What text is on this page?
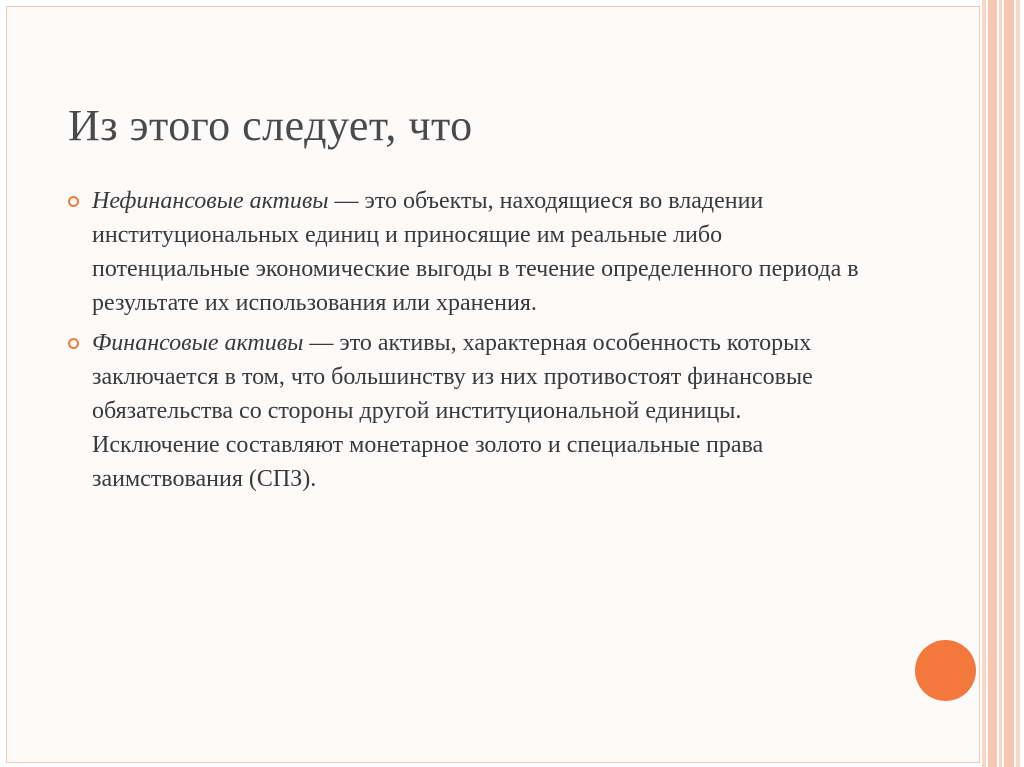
Из этого следует, что

Нефинансовые активы — это объекты, находящиеся во владении институциональных единиц и приносящие им реальные либо потенциальные экономические выгоды в течение определенного периода в результате их использования или хранения.

Финансовые активы — это активы, характерная особенность которых заключается в том, что большинству из них противостоят финансовые обязательства со стороны другой институциональной единицы. Исключение составляют монетарное золото и специальные права заимствования (СПЗ).
